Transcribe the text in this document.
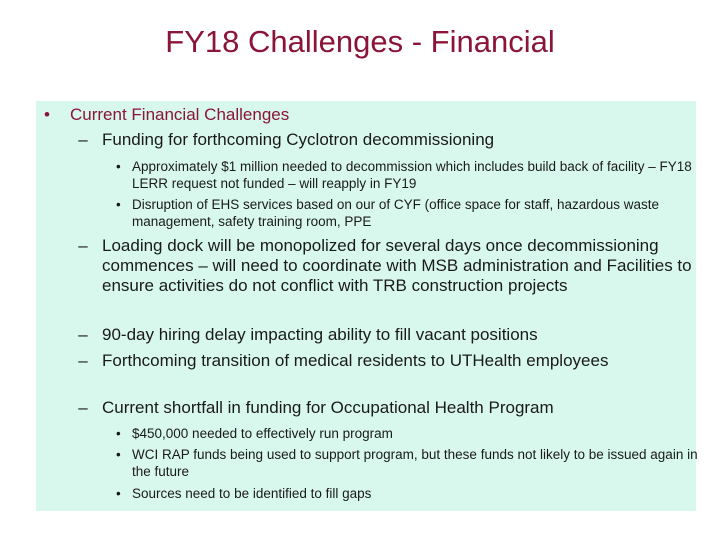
FY18 Challenges - Financial
• Current Financial Challenges
– Funding for forthcoming Cyclotron decommissioning
• Approximately $1 million needed to decommission which includes build back of facility – FY18 LERR request not funded – will reapply in FY19
• Disruption of EHS services based on our of CYF (office space for staff, hazardous waste management, safety training room, PPE
– Loading dock will be monopolized for several days once decommissioning commences – will need to coordinate with MSB administration and Facilities to ensure activities do not conflict with TRB construction projects
– 90-day hiring delay impacting ability to fill vacant positions
– Forthcoming transition of medical residents to UTHealth employees
– Current shortfall in funding for Occupational Health Program
• $450,000 needed to effectively run program
• WCI RAP funds being used to support program, but these funds not likely to be issued again in the future
• Sources need to be identified to fill gaps
